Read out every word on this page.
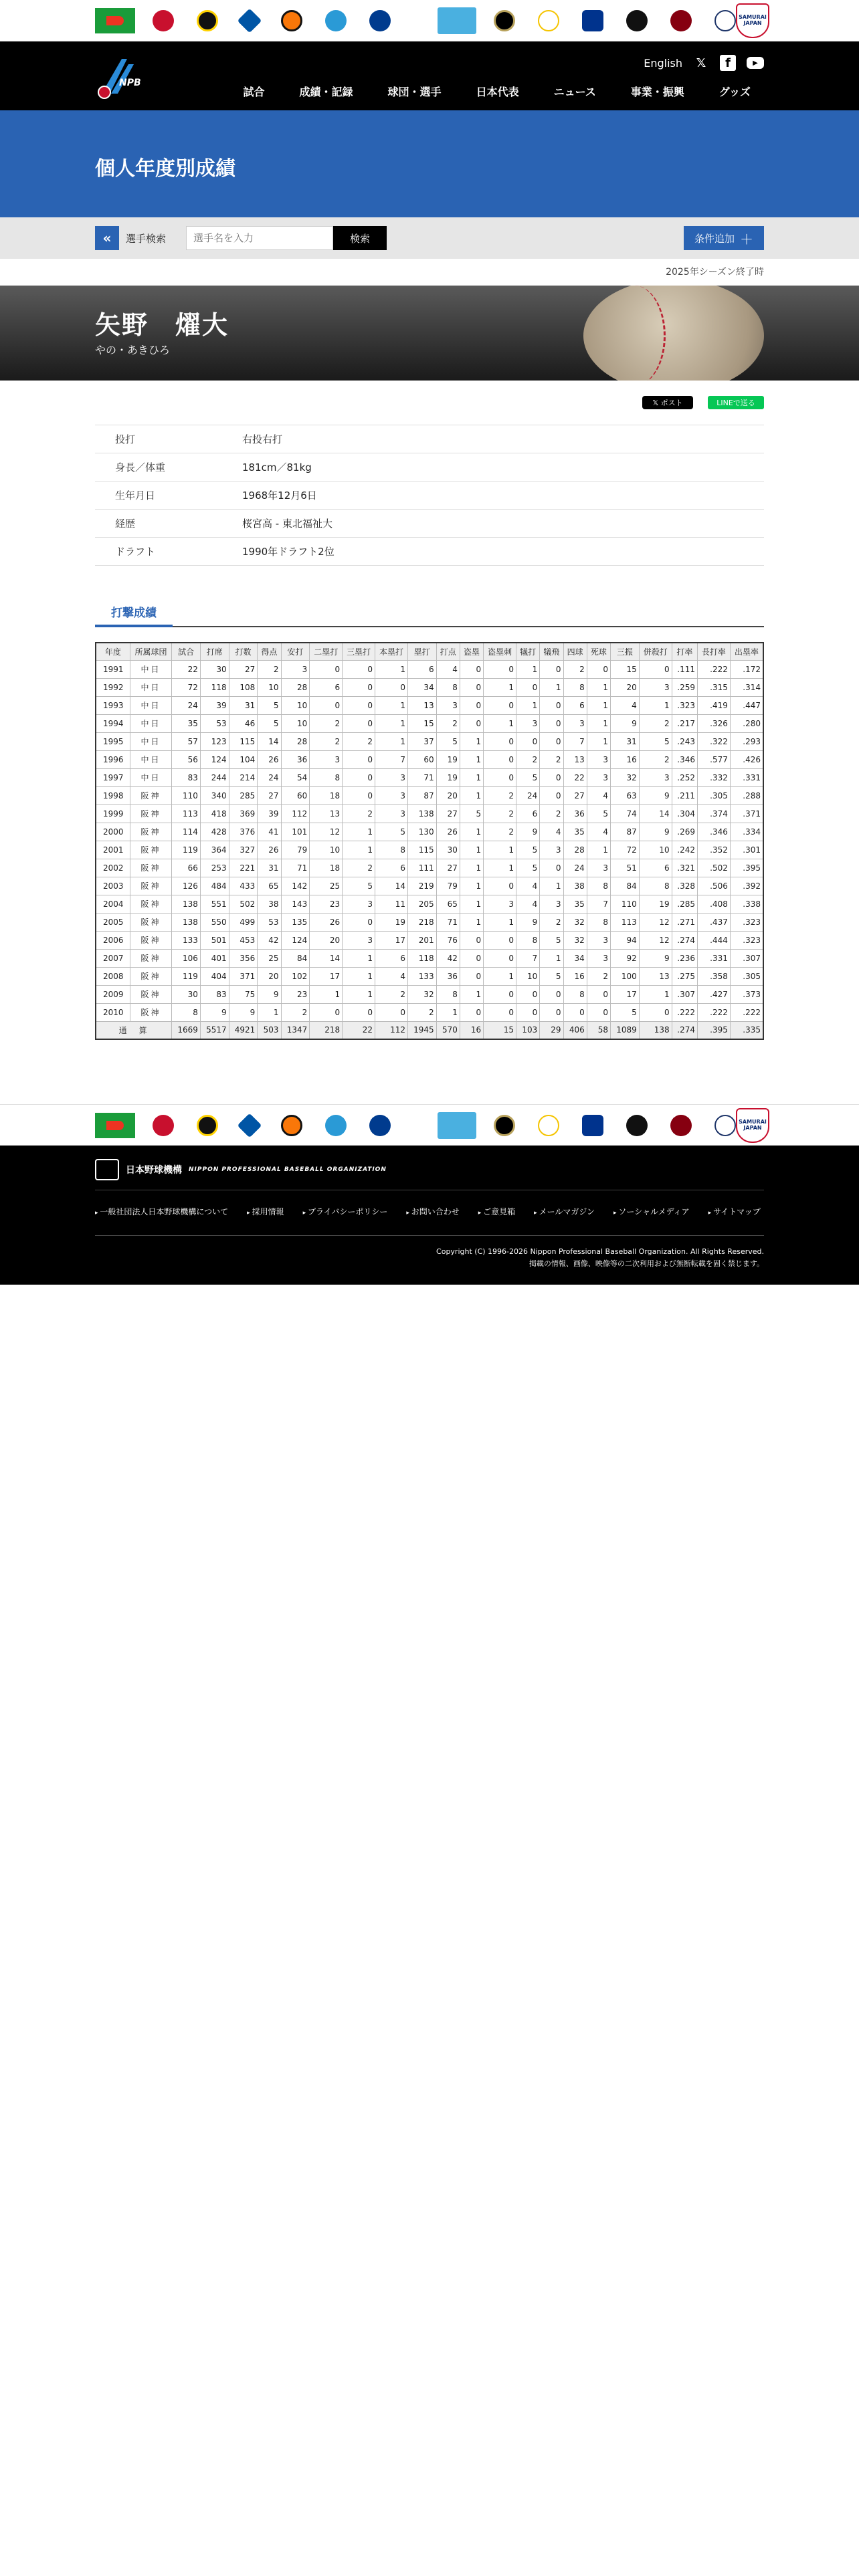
SAMURAI JAPAN
NPB
English 𝕏	f	▶
試合	成績・記録	球団・選手	日本代表	ニュース	事業・振興	グッズ
個人年度別成績
« 選手検索
選手名を入力	検索	条件追加 ＋
2025年シーズン終了時
矢野　燿大
やの・あきひろ
𝕏 ポスト	LINEで送る
投打	右投右打
身長／体重	181cm／81kg
生年月日	1968年12月6日
経歴	桜宮高 - 東北福祉大
ドラフト	1990年ドラフト2位
打撃成績
年度	所属球団	試合	打席	打数	得点	安打	二塁打	三塁打	本塁打	塁打	打点	盗塁	盗塁刺	犠打	犠飛	四球	死球	三振	併殺打	打率	長打率	出塁率
1991	中日	22	30	27	2	3	0	0	1	6	4	0	0	1	0	2	0	15	0	.111	.222	.172
1992	中日	72	118	108	10	28	6	0	0	34	8	0	1	0	1	8	1	20	3	.259	.315	.314
1993	中日	24	39	31	5	10	0	0	1	13	3	0	0	1	0	6	1	4	1	.323	.419	.447
1994	中日	35	53	46	5	10	2	0	1	15	2	0	1	3	0	3	1	9	2	.217	.326	.280
1995	中日	57	123	115	14	28	2	2	1	37	5	1	0	0	0	7	1	31	5	.243	.322	.293
1996	中日	56	124	104	26	36	3	0	7	60	19	1	0	2	2	13	3	16	2	.346	.577	.426
1997	中日	83	244	214	24	54	8	0	3	71	19	1	0	5	0	22	3	32	3	.252	.332	.331
1998	阪神	110	340	285	27	60	18	0	3	87	20	1	2	24	0	27	4	63	9	.211	.305	.288
1999	阪神	113	418	369	39	112	13	2	3	138	27	5	2	6	2	36	5	74	14	.304	.374	.371
2000	阪神	114	428	376	41	101	12	1	5	130	26	1	2	9	4	35	4	87	9	.269	.346	.334
2001	阪神	119	364	327	26	79	10	1	8	115	30	1	1	5	3	28	1	72	10	.242	.352	.301
2002	阪神	66	253	221	31	71	18	2	6	111	27	1	1	5	0	24	3	51	6	.321	.502	.395
2003	阪神	126	484	433	65	142	25	5	14	219	79	1	0	4	1	38	8	84	8	.328	.506	.392
2004	阪神	138	551	502	38	143	23	3	11	205	65	1	3	4	3	35	7	110	19	.285	.408	.338
2005	阪神	138	550	499	53	135	26	0	19	218	71	1	1	9	2	32	8	113	12	.271	.437	.323
2006	阪神	133	501	453	42	124	20	3	17	201	76	0	0	8	5	32	3	94	12	.274	.444	.323
2007	阪神	106	401	356	25	84	14	1	6	118	42	0	0	7	1	34	3	92	9	.236	.331	.307
2008	阪神	119	404	371	20	102	17	1	4	133	36	0	1	10	5	16	2	100	13	.275	.358	.305
2009	阪神	30	83	75	9	23	1	1	2	32	8	1	0	0	0	8	0	17	1	.307	.427	.373
2010	阪神	8	9	9	1	2	0	0	0	2	1	0	0	0	0	0	0	5	0	.222	.222	.222
通　算		1669	5517	4921	503	1347	218	22	112	1945	570	16	15	103	29	406	58	1089	138	.274	.395	.335
SAMURAI JAPAN
日本野球機構 NIPPON PROFESSIONAL BASEBALL ORGANIZATION
▸ 一般社団法人日本野球機構について	▸ 採用情報	▸ プライバシーポリシー	▸ お問い合わせ	▸ ご意見箱	▸ メールマガジン	▸ ソーシャルメディア	▸ サイトマップ
Copyright (C) 1996-2026 Nippon Professional Baseball Organization. All Rights Reserved.
掲載の情報、画像、映像等の二次利用および無断転載を固く禁じます。
